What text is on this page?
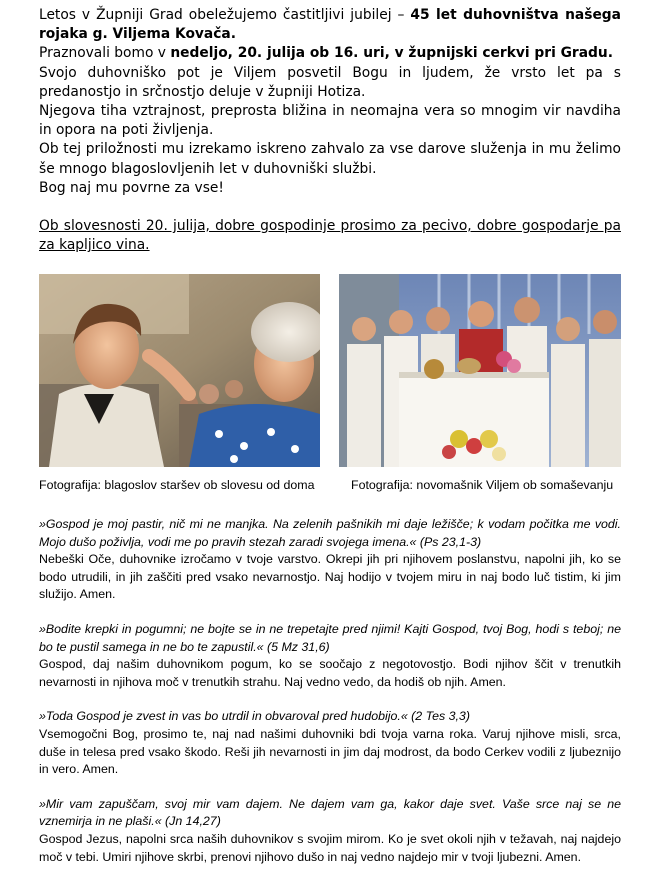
Letos v Župniji Grad obeležujemo častitljivi jubilej – 45 let duhovništva našega rojaka g. Viljema Kovača.

Praznovali bomo v nedeljo, 20. julija ob 16. uri, v župnijski cerkvi pri Gradu.

Svojo duhovniško pot je Viljem posvetil Bogu in ljudem, že vrsto let pa s predanostjo in srčnostjo deluje v župniji Hotiza.

Njegova tiha vztrajnost, preprosta bližina in neomajna vera so mnogim vir navdiha in opora na poti življenja.

Ob tej priložnosti mu izrekamo iskreno zahvalo za vse darove služenja in mu želimo še mnogo blagoslovljenih let v duhovniški službi.

Bog naj mu povrne za vse!

Ob slovesnosti 20. julija, dobre gospodinje prosimo za pecivo, dobre gospodarje pa za kapljico vina.

Fotografija: blagoslov staršev ob slovesu od doma	Fotografija: novomašnik Viljem ob somaševanju

»Gospod je moj pastir, nič mi ne manjka. Na zelenih pašnikih mi daje ležišče; k vodam počitka me vodi. Mojo dušo poživlja, vodi me po pravih stezah zaradi svojega imena.« (Ps 23,1-3)

Nebeški Oče, duhovnike izročamo v tvoje varstvo. Okrepi jih pri njihovem poslanstvu, napolni jih, ko se bodo utrudili, in jih zaščiti pred vsako nevarnostjo. Naj hodijo v tvojem miru in naj bodo luč tistim, ki jim služijo. Amen.

»Bodite krepki in pogumni; ne bojte se in ne trepetajte pred njimi! Kajti Gospod, tvoj Bog, hodi s teboj; ne bo te pustil samega in ne bo te zapustil.« (5 Mz 31,6)

Gospod, daj našim duhovnikom pogum, ko se soočajo z negotovostjo. Bodi njihov ščit v trenutkih nevarnosti in njihova moč v trenutkih strahu. Naj vedno vedo, da hodiš ob njih. Amen.

»Toda Gospod je zvest in vas bo utrdil in obvaroval pred hudobijo.« (2 Tes 3,3)

Vsemogočni Bog, prosimo te, naj nad našimi duhovniki bdi tvoja varna roka. Varuj njihove misli, srca, duše in telesa pred vsako škodo. Reši jih nevarnosti in jim daj modrost, da bodo Cerkev vodili z ljubeznijo in vero. Amen.

»Mir vam zapuščam, svoj mir vam dajem. Ne dajem vam ga, kakor daje svet. Vaše srce naj se ne vznemirja in ne plaši.« (Jn 14,27)

Gospod Jezus, napolni srca naših duhovnikov s svojim mirom. Ko je svet okoli njih v težavah, naj najdejo moč v tebi. Umiri njihove skrbi, prenovi njihovo dušo in naj vedno najdejo mir v tvoji ljubezni. Amen.
